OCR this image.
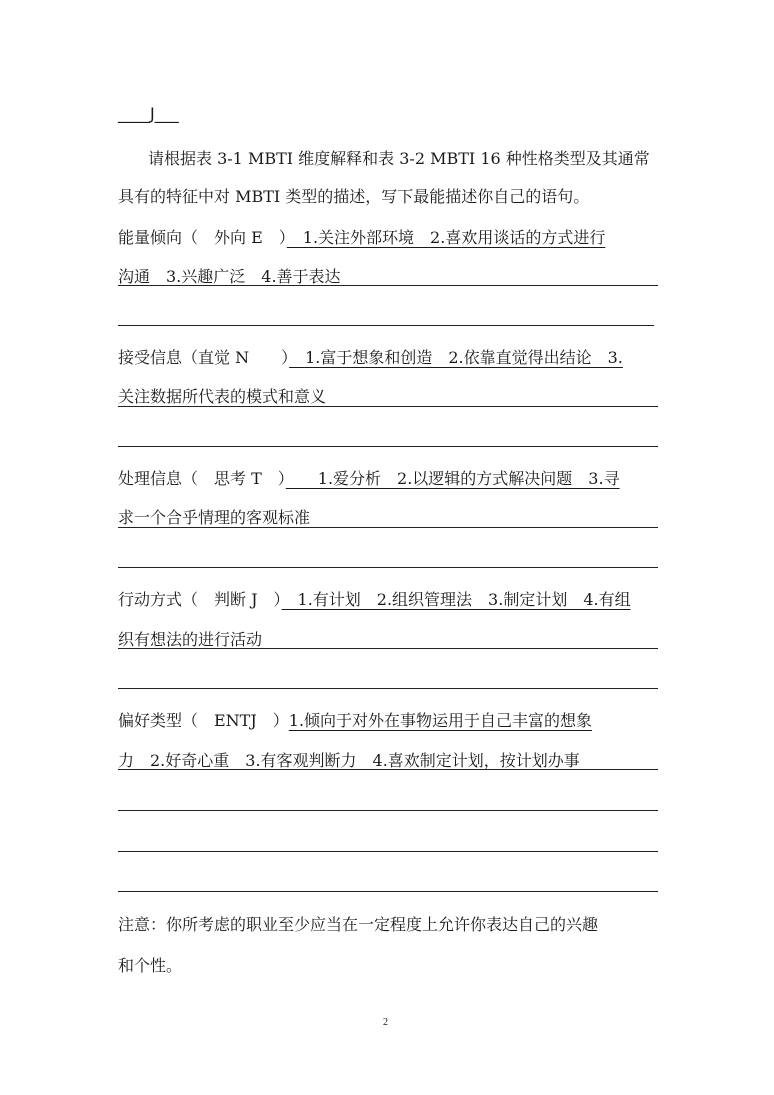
____J___
请根据表 3-1 MBTI 维度解释和表 3-2 MBTI 16 种性格类型及其通常
具有的特征中对 MBTI 类型的描述，写下最能描述你自己的语句。
能量倾向（　外向 E　）　1.关注外部环境　2.喜欢用谈话的方式进行
沟通　3.兴趣广泛　4.善于表达
接受信息（直觉 N　　）　1.富于想象和创造　2.依靠直觉得出结论　3.
关注数据所代表的模式和意义
处理信息（　思考 T　）　　1.爱分析　2.以逻辑的方式解决问题　3.寻
求一个合乎情理的客观标准
行动方式（　判断 J　）　1.有计划　2.组织管理法　3.制定计划　4.有组
织有想法的进行活动
偏好类型（　ENTJ　）1.倾向于对外在事物运用于自己丰富的想象
力　2.好奇心重　3.有客观判断力　4.喜欢制定计划，按计划办事
注意：你所考虑的职业至少应当在一定程度上允许你表达自己的兴趣
和个性。
2
